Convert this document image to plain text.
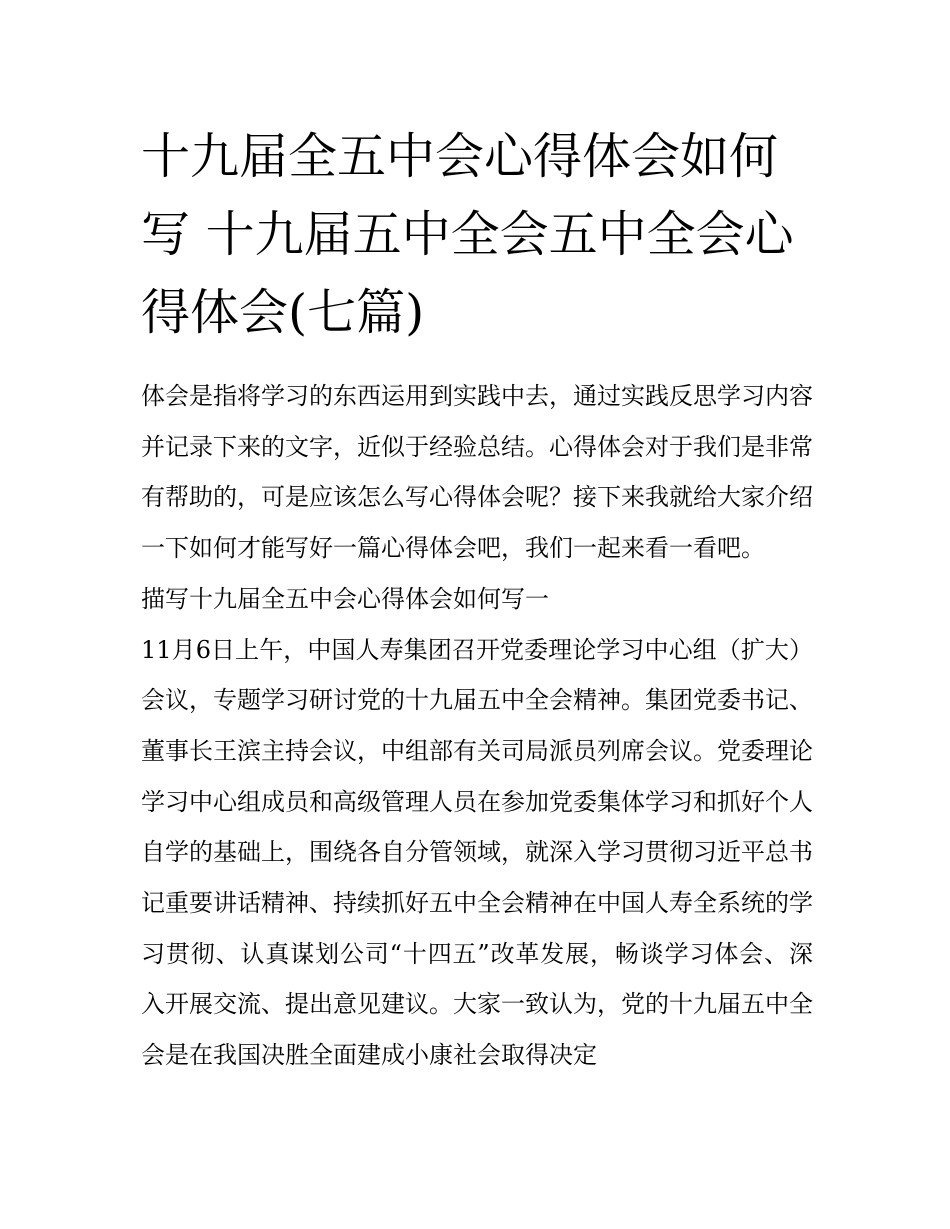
十九届全五中会心得体会如何写 十九届五中全会五中全会心得体会(七篇)

体会是指将学习的东西运用到实践中去，通过实践反思学习内容并记录下来的文字，近似于经验总结。心得体会对于我们是非常有帮助的，可是应该怎么写心得体会呢？接下来我就给大家介绍一下如何才能写好一篇心得体会吧，我们一起来看一看吧。

描写十九届全五中会心得体会如何写一

11月6日上午，中国人寿集团召开党委理论学习中心组（扩大）会议，专题学习研讨党的十九届五中全会精神。集团党委书记、董事长王滨主持会议，中组部有关司局派员列席会议。党委理论学习中心组成员和高级管理人员在参加党委集体学习和抓好个人自学的基础上，围绕各自分管领域，就深入学习贯彻习近平总书记重要讲话精神、持续抓好五中全会精神在中国人寿全系统的学习贯彻、认真谋划公司“十四五”改革发展，畅谈学习体会、深入开展交流、提出意见建议。大家一致认为，党的十九届五中全会是在我国决胜全面建成小康社会取得决定
